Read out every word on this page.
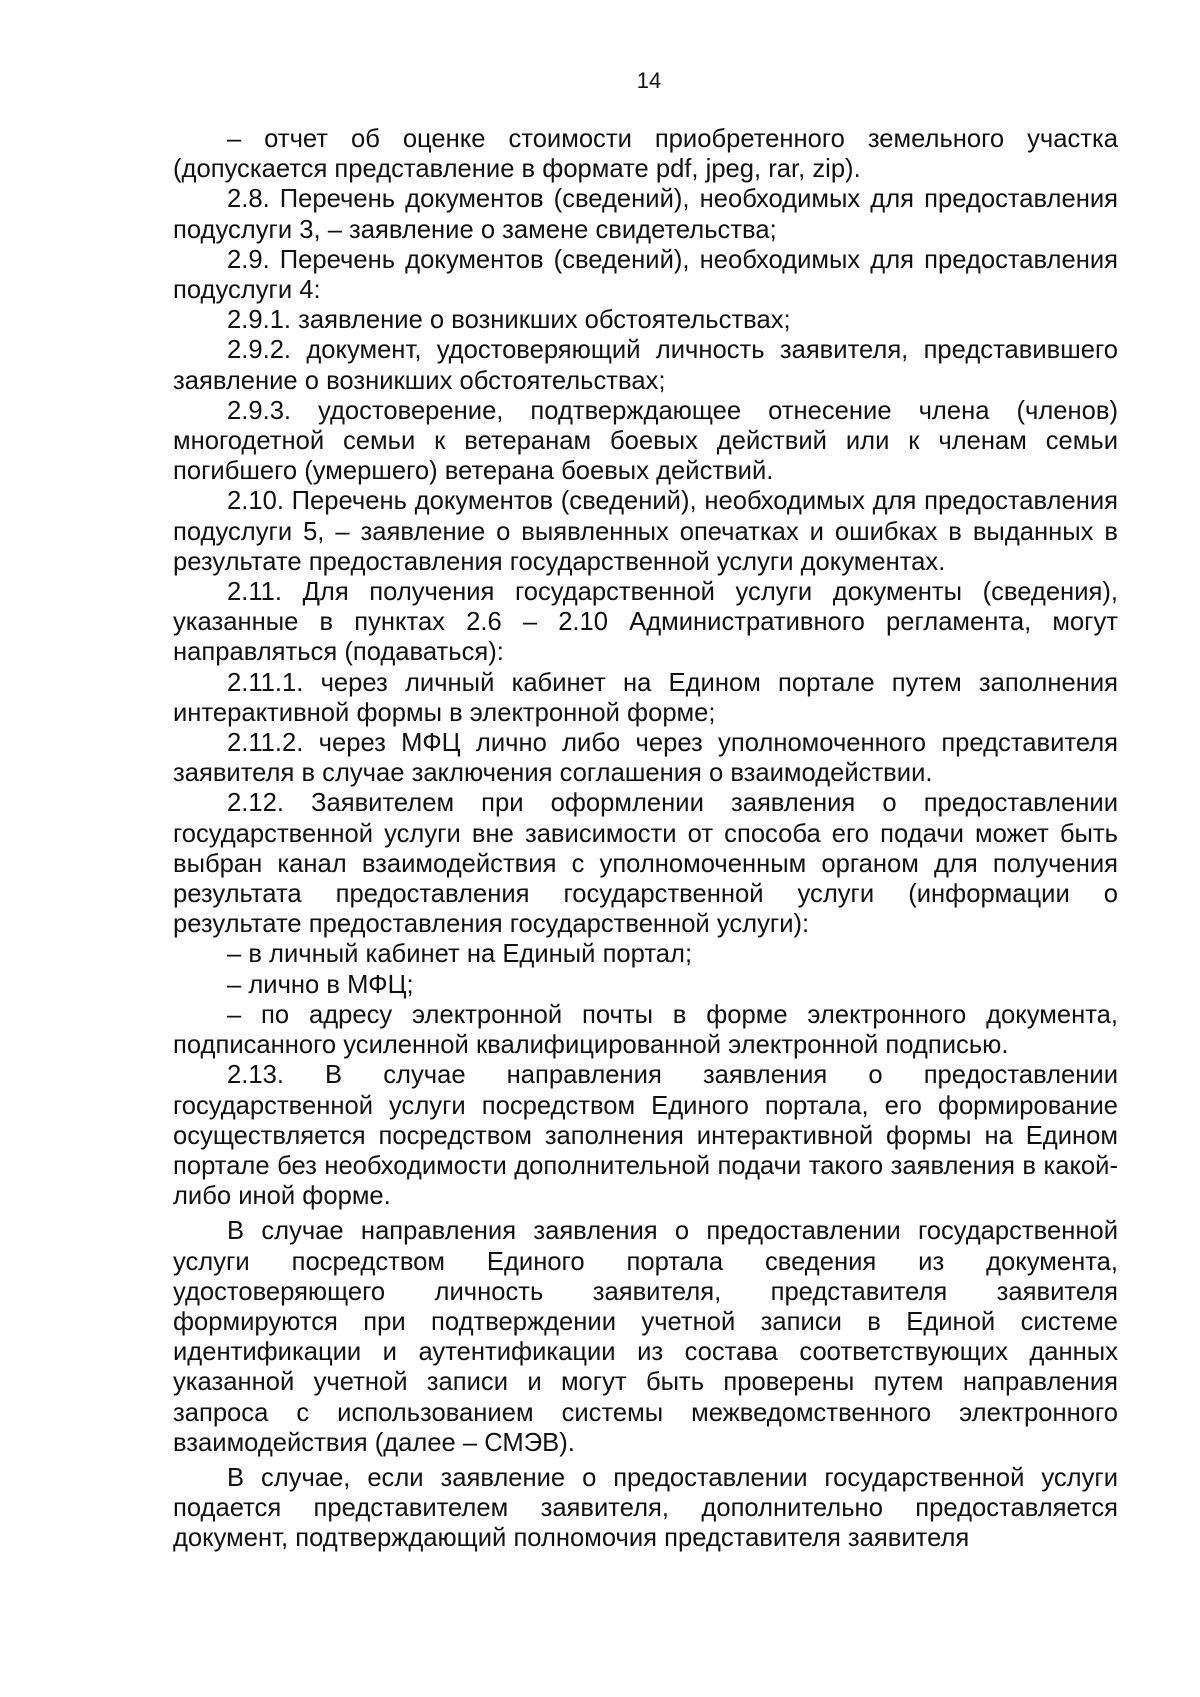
14

– отчет об оценке стоимости приобретенного земельного участка (допускается представление в формате pdf, jpeg, rar, zip).

2.8. Перечень документов (сведений), необходимых для предоставления подуслуги 3, – заявление о замене свидетельства;

2.9. Перечень документов (сведений), необходимых для предоставления подуслуги 4:

2.9.1. заявление о возникших обстоятельствах;

2.9.2. документ, удостоверяющий личность заявителя, представившего заявление о возникших обстоятельствах;

2.9.3. удостоверение, подтверждающее отнесение члена (членов) многодетной семьи к ветеранам боевых действий или к членам семьи погибшего (умершего) ветерана боевых действий.

2.10. Перечень документов (сведений), необходимых для предоставления подуслуги 5, – заявление о выявленных опечатках и ошибках в выданных в результате предоставления государственной услуги документах.

2.11. Для получения государственной услуги документы (сведения), указанные в пунктах 2.6 – 2.10 Административного регламента, могут направляться (подаваться):

2.11.1. через личный кабинет на Едином портале путем заполнения интерактивной формы в электронной форме;

2.11.2. через МФЦ лично либо через уполномоченного представителя заявителя в случае заключения соглашения о взаимодействии.

2.12. Заявителем при оформлении заявления о предоставлении государственной услуги вне зависимости от способа его подачи может быть выбран канал взаимодействия с уполномоченным органом для получения результата предоставления государственной услуги (информации о результате предоставления государственной услуги):

– в личный кабинет на Единый портал;

– лично в МФЦ;

– по адресу электронной почты в форме электронного документа, подписанного усиленной квалифицированной электронной подписью.

2.13. В случае направления заявления о предоставлении государственной услуги посредством Единого портала, его формирование осуществляется посредством заполнения интерактивной формы на Едином портале без необходимости дополнительной подачи такого заявления в какой-либо иной форме.

В случае направления заявления о предоставлении государственной услуги посредством Единого портала сведения из документа, удостоверяющего личность заявителя, представителя заявителя формируются при подтверждении учетной записи в Единой системе идентификации и аутентификации из состава соответствующих данных указанной учетной записи и могут быть проверены путем направления запроса с использованием системы межведомственного электронного взаимодействия (далее – СМЭВ).

В случае, если заявление о предоставлении государственной услуги подается представителем заявителя, дополнительно предоставляется документ, подтверждающий полномочия представителя заявителя
